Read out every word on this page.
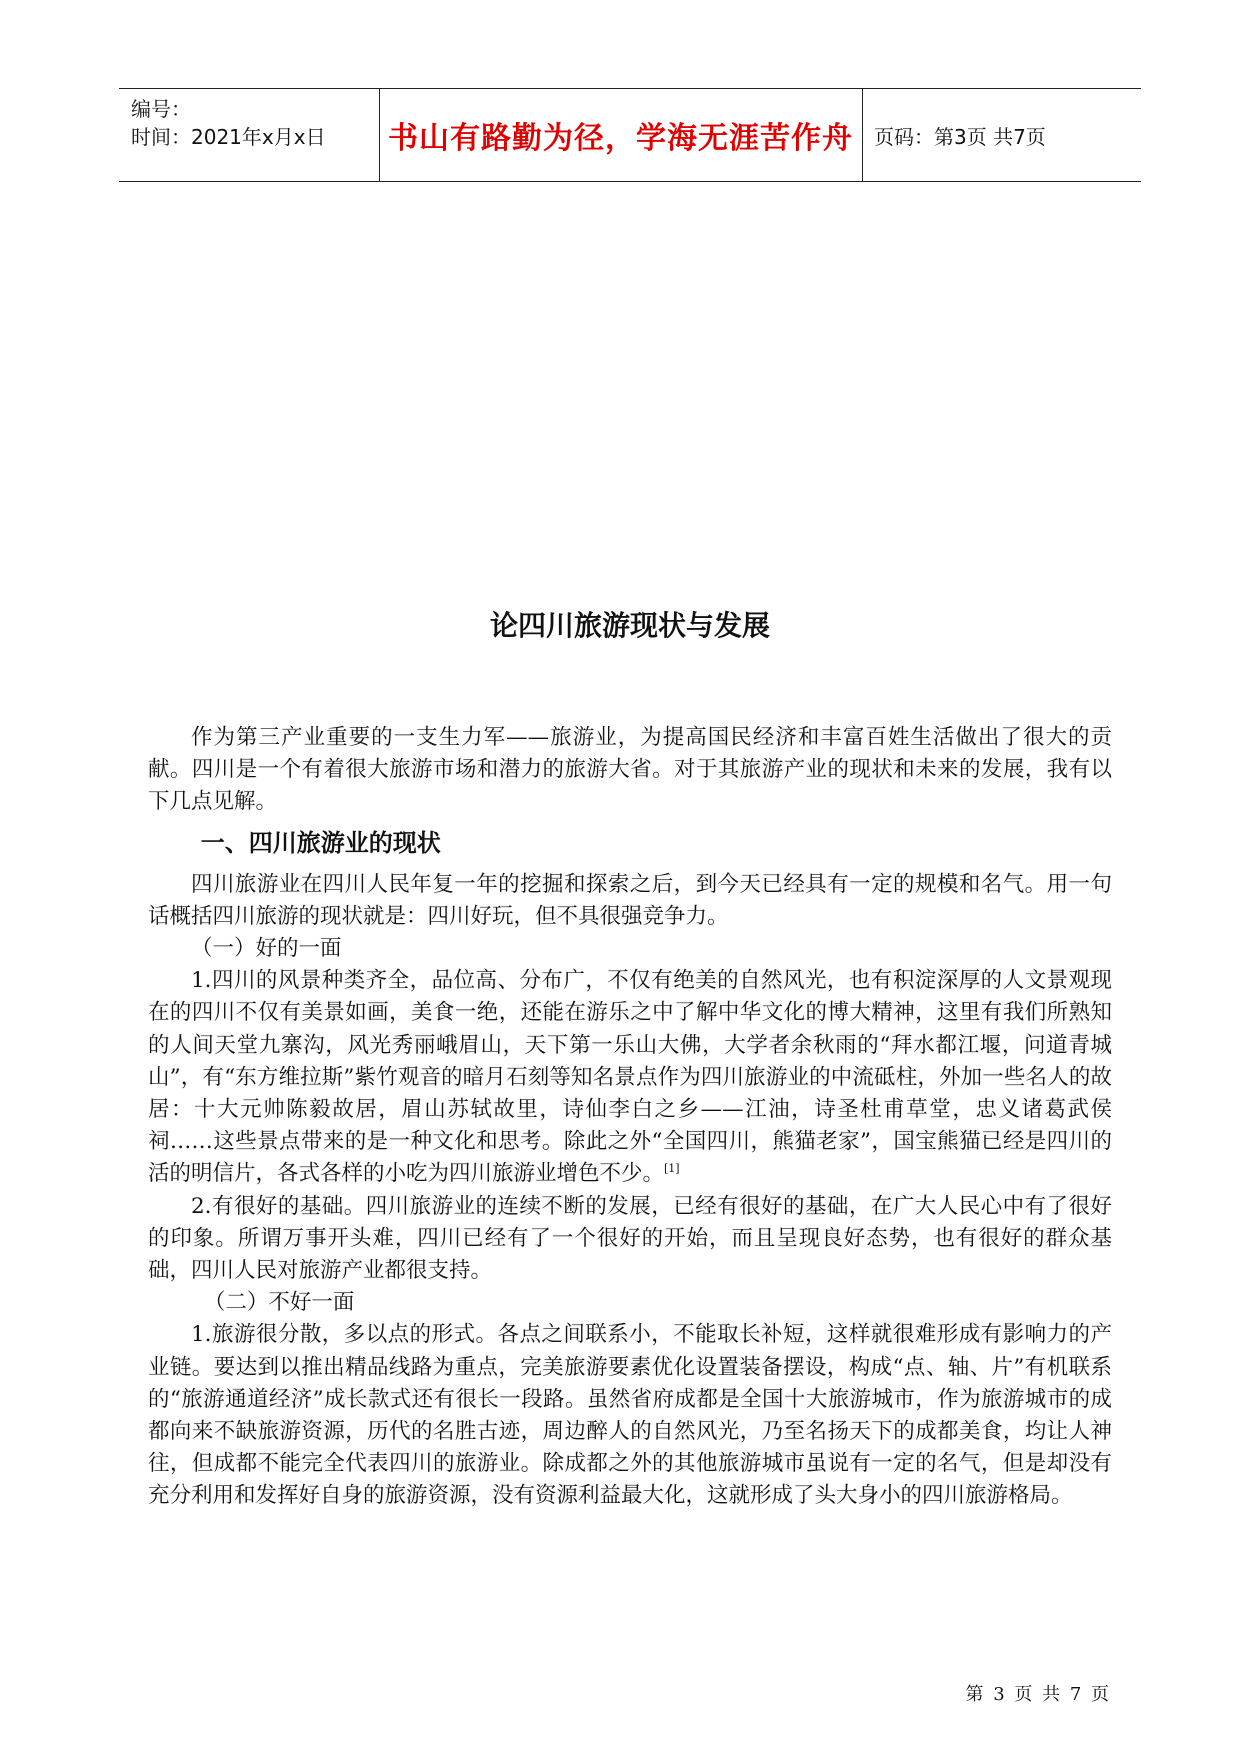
编号：
时间：2021年x月x日	书山有路勤为径，学海无涯苦作舟	页码：第3页 共7页
论四川旅游现状与发展

作为第三产业重要的一支生力军——旅游业，为提高国民经济和丰富百姓生活做出了很大的贡献。四川是一个有着很大旅游市场和潜力的旅游大省。对于其旅游产业的现状和未来的发展，我有以下几点见解。

一、四川旅游业的现状

四川旅游业在四川人民年复一年的挖掘和探索之后，到今天已经具有一定的规模和名气。用一句话概括四川旅游的现状就是：四川好玩，但不具很强竞争力。

（一）好的一面

1.四川的风景种类齐全，品位高、分布广，不仅有绝美的自然风光，也有积淀深厚的人文景观现在的四川不仅有美景如画，美食一绝，还能在游乐之中了解中华文化的博大精神，这里有我们所熟知的人间天堂九寨沟，风光秀丽峨眉山，天下第一乐山大佛，大学者余秋雨的“拜水都江堰，问道青城山”，有“东方维拉斯”紫竹观音的暗月石刻等知名景点作为四川旅游业的中流砥柱，外加一些名人的故居：十大元帅陈毅故居，眉山苏轼故里，诗仙李白之乡——江油，诗圣杜甫草堂，忠义诸葛武侯祠……这些景点带来的是一种文化和思考。除此之外“全国四川，熊猫老家”，国宝熊猫已经是四川的活的明信片，各式各样的小吃为四川旅游业增色不少。[1]

2.有很好的基础。四川旅游业的连续不断的发展，已经有很好的基础，在广大人民心中有了很好的印象。所谓万事开头难，四川已经有了一个很好的开始，而且呈现良好态势，也有很好的群众基础，四川人民对旅游产业都很支持。

（二）不好一面

1.旅游很分散，多以点的形式。各点之间联系小，不能取长补短，这样就很难形成有影响力的产业链。要达到以推出精品线路为重点，完美旅游要素优化设置装备摆设，构成“点、轴、片”有机联系的“旅游通道经济”成长款式还有很长一段路。虽然省府成都是全国十大旅游城市，作为旅游城市的成都向来不缺旅游资源，历代的名胜古迹，周边醉人的自然风光，乃至名扬天下的成都美食，均让人神往，但成都不能完全代表四川的旅游业。除成都之外的其他旅游城市虽说有一定的名气，但是却没有充分利用和发挥好自身的旅游资源，没有资源利益最大化，这就形成了头大身小的四川旅游格局。

第 3 页 共 7 页
